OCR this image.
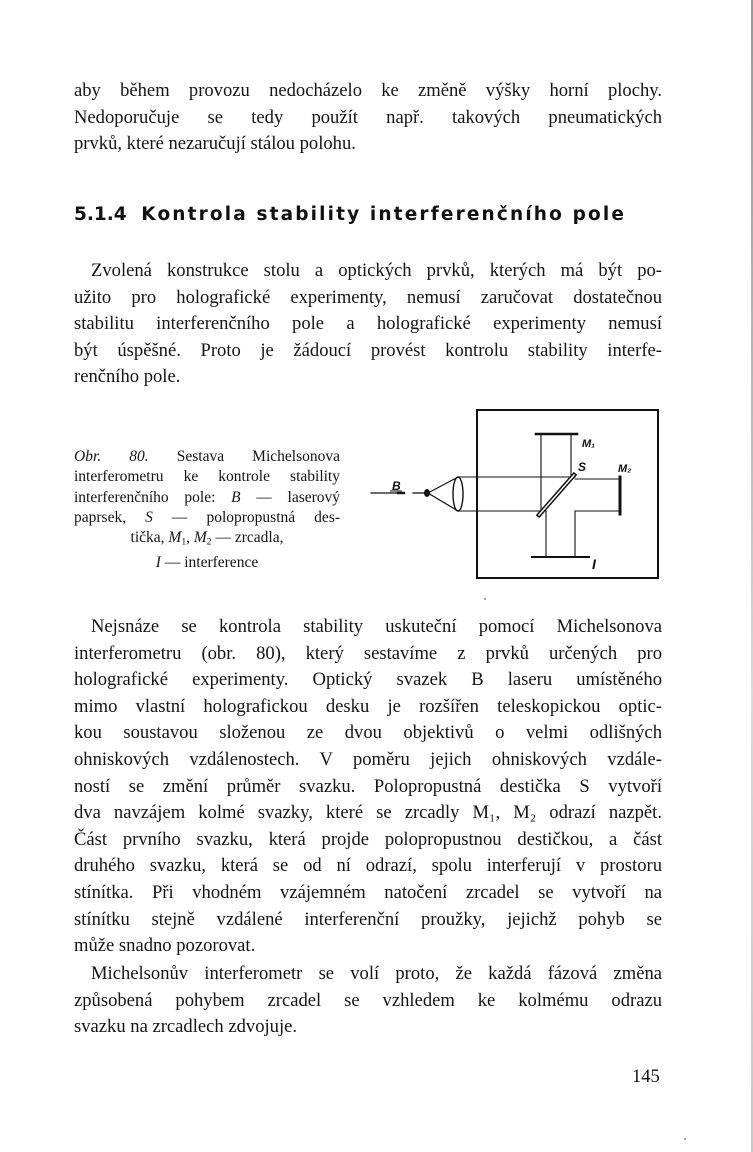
aby během provozu nedocházelo ke změně výšky horní plochy.
Nedoporučuje se tedy použít např. takových pneumatických
prvků, které nezaručují stálou polohu.
5.1.4 Kontrola stability interferenčního pole
Zvolená konstrukce stolu a optických prvků, kterých má být po-
užito pro holografické experimenty, nemusí zaručovat dostatečnou
stabilitu interferenčního pole a holografické experimenty nemusí
být úspěšné. Proto je žádoucí provést kontrolu stability interfe-
renčního pole.
Obr. 80. Sestava Michelsonova
interferometru ke kontrole stability
interferenčního pole: B — laserový
paprsek, S — polopropustná des-
tička, $M_1$, $M_2$ — zrcadla,
I — interference
B
S
M₁
M₂
I
Nejsnáze se kontrola stability uskuteční pomocí Michelsonova
interferometru (obr. 80), který sestavíme z prvků určených pro
holografické experimenty. Optický svazek B laseru umístěného
mimo vlastní holografickou desku je rozšířen teleskopickou optic-
kou soustavou složenou ze dvou objektivů o velmi odlišných
ohniskových vzdálenostech. V poměru jejich ohniskových vzdále-
ností se změní průměr svazku. Polopropustná destička S vytvoří
dva navzájem kolmé svazky, které se zrcadly M₁, M₂ odrazí nazpět.
Část prvního svazku, která projde polopropustnou destičkou, a část
druhého svazku, která se od ní odrazí, spolu interferují v prostoru
stínítka. Při vhodném vzájemném natočení zrcadel se vytvoří na
stínítku stejně vzdálené interferenční proužky, jejichž pohyb se
může snadno pozorovat.
Michelsonův interferometr se volí proto, že každá fázová změna
způsobená pohybem zrcadel se vzhledem ke kolmému odrazu
svazku na zrcadlech zdvojuje.
145
